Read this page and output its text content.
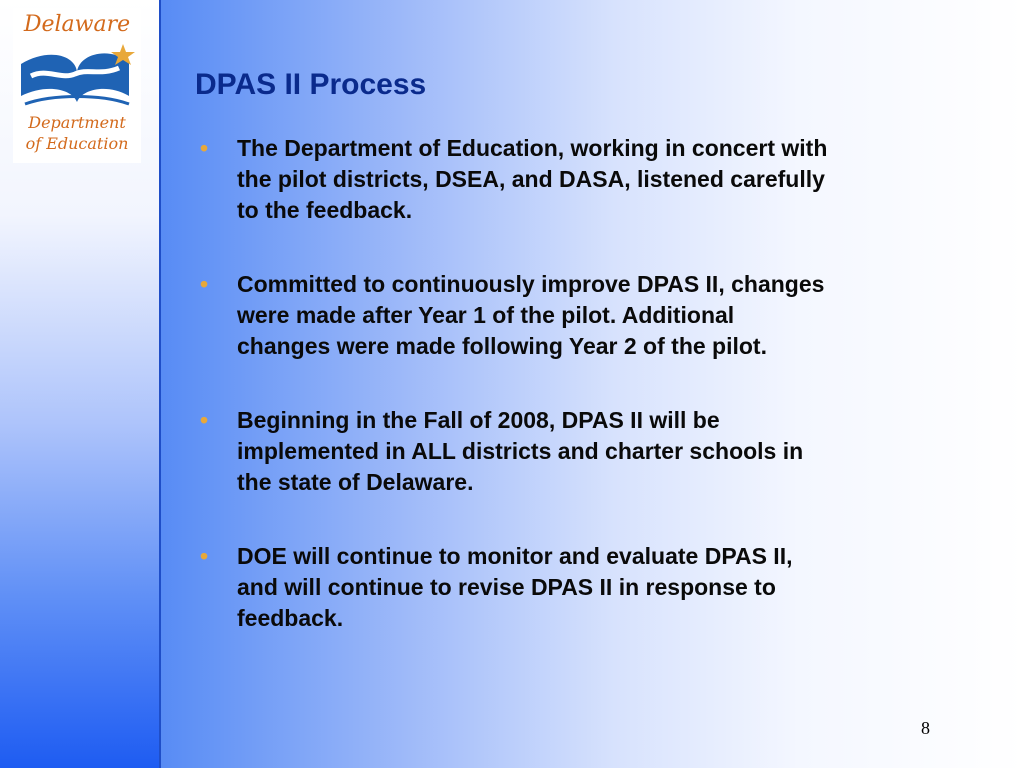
Delaware
Department
of Education
DPAS II Process
• The Department of Education, working in concert with
the pilot districts, DSEA, and DASA, listened carefully
to the feedback.
• Committed to continuously improve DPAS II, changes
were made after Year 1 of the pilot. Additional
changes were made following Year 2 of the pilot.
• Beginning in the Fall of 2008, DPAS II will be
implemented in ALL districts and charter schools in
the state of Delaware.
• DOE will continue to monitor and evaluate DPAS II,
and will continue to revise DPAS II in response to
feedback.
8
